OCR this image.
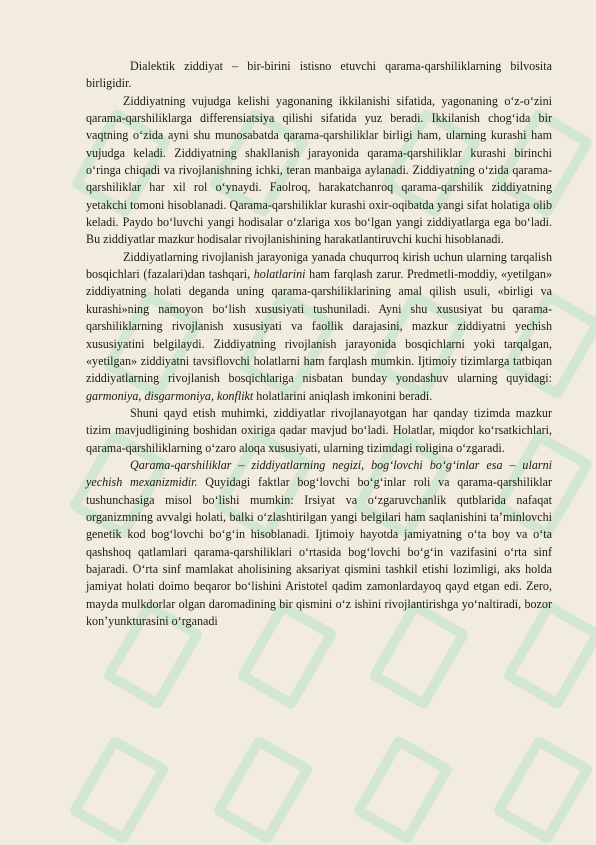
Dialektik ziddiyat – bir-birini istisno etuvchi qarama-qarshiliklarning bilvosita birligidir.

Ziddiyatning vujudga kelishi yagonaning ikkilanishi sifatida, yagonaning o‘z-o‘zini qarama-qarshiliklarga differensiatsiya qilishi sifatida yuz beradi. Ikkilanish chog‘ida bir vaqtning o‘zida ayni shu munosabatda qarama-qarshiliklar birligi ham, ularning kurashi ham vujudga keladi. Ziddiyatning shakllanish jarayonida qarama-qarshiliklar kurashi birinchi o‘ringa chiqadi va rivojlanishning ichki, teran manbaiga aylanadi. Ziddiyatning o‘zida qarama-qarshiliklar har xil rol o‘ynaydi. Faolroq, harakatchanroq qarama-qarshilik ziddiyatning yetakchi tomoni hisoblanadi. Qarama-qarshiliklar kurashi oxir-oqibatda yangi sifat holatiga olib keladi. Paydo bo‘luvchi yangi hodisalar o‘zlariga xos bo‘lgan yangi ziddiyatlarga ega bo‘ladi. Bu ziddiyatlar mazkur hodisalar rivojlanishining harakatlantiruvchi kuchi hisoblanadi.

Ziddiyatlarning rivojlanish jarayoniga yanada chuqurroq kirish uchun ularning tarqalish bosqichlari (fazalari)dan tashqari, holatlarini ham farqlash zarur. Predmetli-moddiy, «yetilgan» ziddiyatning holati deganda uning qarama-qarshiliklarining amal qilish usuli, «birligi va kurashi»ning namoyon bo‘lish xususiyati tushuniladi. Ayni shu xususiyat bu qarama-qarshiliklarning rivojlanish xususiyati va faollik darajasini, mazkur ziddiyatni yechish xususiyatini belgilaydi. Ziddiyatning rivojlanish jarayonida bosqichlarni yoki tarqalgan, «yetilgan» ziddiyatni tavsiflovchi holatlarni ham farqlash mumkin. Ijtimoiy tizimlarga tatbiqan ziddiyatlarning rivojlanish bosqichlariga nisbatan bunday yondashuv ularning quyidagi: garmoniya, disgarmoniya, konflikt holatlarini aniqlash imkonini beradi.

Shuni qayd etish muhimki, ziddiyatlar rivojlanayotgan har qanday tizimda mazkur tizim mavjudligining boshidan oxiriga qadar mavjud bo‘ladi. Holatlar, miqdor ko‘rsatkichlari, qarama-qarshiliklarning o‘zaro aloqa xususiyati, ularning tizimdagi roligina o‘zgaradi.

Qarama-qarshiliklar – ziddiyatlarning negizi, bog‘lovchi bo‘g‘inlar esa – ularni yechish mexanizmidir. Quyidagi faktlar bog‘lovchi bo‘g‘inlar roli va qarama-qarshiliklar tushunchasiga misol bo‘lishi mumkin: Irsiyat va o‘zgaruvchanlik qutblarida nafaqat organizmning avvalgi holati, balki o‘zlashtirilgan yangi belgilari ham saqlanishini ta’minlovchi genetik kod bog‘lovchi bo‘g‘in hisoblanadi. Ijtimoiy hayotda jamiyatning o‘ta boy va o‘ta qashshoq qatlamlari qarama-qarshiliklari o‘rtasida bog‘lovchi bo‘g‘in vazifasini o‘rta sinf bajaradi. O‘rta sinf mamlakat aholisining aksariyat qismini tashkil etishi lozimligi, aks holda jamiyat holati doimo beqaror bo‘lishini Aristotel qadim zamonlardayoq qayd etgan edi. Zero, mayda mulkdorlar olgan daromadining bir qismini o‘z ishini rivojlantirishga yo‘naltiradi, bozor kon’yunkturasini o‘rganadi
